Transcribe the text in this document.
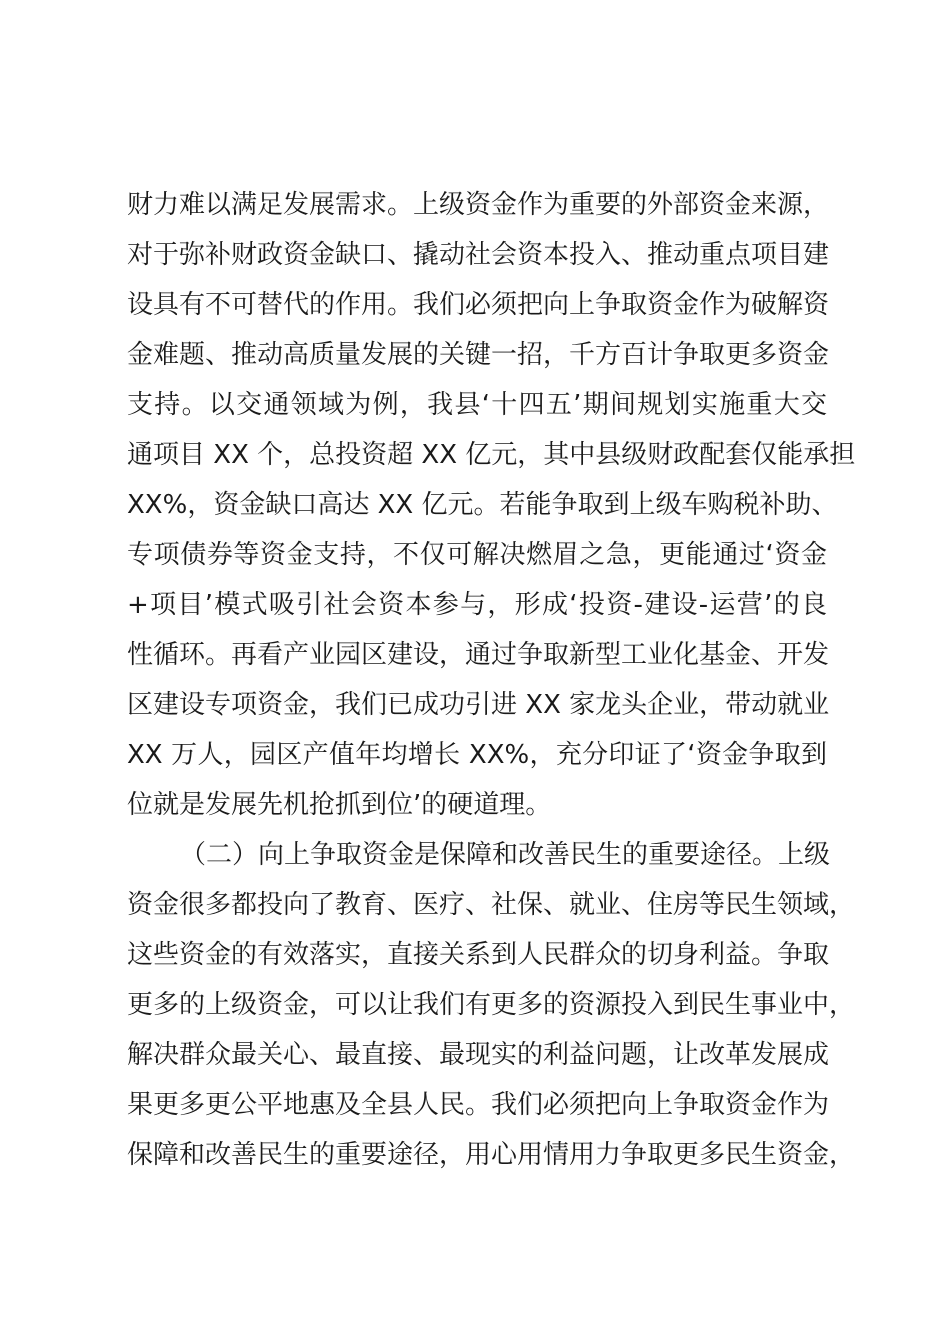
财力难以满足发展需求。上级资金作为重要的外部资金来源，
对于弥补财政资金缺口、撬动社会资本投入、推动重点项目建
设具有不可替代的作用。我们必须把向上争取资金作为破解资
金难题、推动高质量发展的关键一招，千方百计争取更多资金
支持。以交通领域为例，我县‘十四五’期间规划实施重大交
通项目 XX 个，总投资超 XX 亿元，其中县级财政配套仅能承担
XX%，资金缺口高达 XX 亿元。若能争取到上级车购税补助、
专项债券等资金支持，不仅可解决燃眉之急，更能通过‘资金
+项目’模式吸引社会资本参与，形成‘投资-建设-运营’的良
性循环。再看产业园区建设，通过争取新型工业化基金、开发
区建设专项资金，我们已成功引进 XX 家龙头企业，带动就业
XX 万人，园区产值年均增长 XX%，充分印证了‘资金争取到
位就是发展先机抢抓到位’的硬道理。
（二）向上争取资金是保障和改善民生的重要途径。上级
资金很多都投向了教育、医疗、社保、就业、住房等民生领域，
这些资金的有效落实，直接关系到人民群众的切身利益。争取
更多的上级资金，可以让我们有更多的资源投入到民生事业中，
解决群众最关心、最直接、最现实的利益问题，让改革发展成
果更多更公平地惠及全县人民。我们必须把向上争取资金作为
保障和改善民生的重要途径，用心用情用力争取更多民生资金，
